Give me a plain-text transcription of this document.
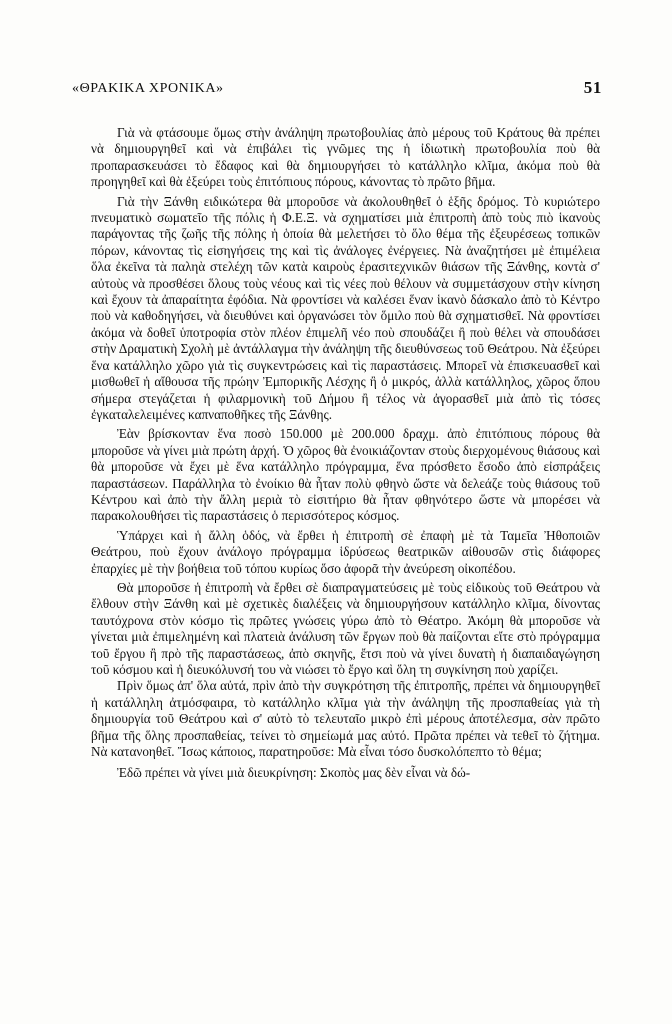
«ΘΡΑΚΙΚΑ ΧΡΟΝΙΚΑ»	51

Γιὰ νὰ φτάσουμε ὅμως στὴν ἀνάληψη πρωτοβουλίας ἀπὸ μέρους τοῦ Κράτους θὰ πρέπει νὰ δημιουργηθεῖ καὶ νὰ ἐπιβάλει τὶς γνῶμες της ἡ ἰδιωτικὴ πρωτοβουλία ποὺ θὰ προπαρασκευάσει τὸ ἔδαφος καὶ θὰ δημιουργήσει τὸ κατάλληλο κλῖμα, ἀκόμα ποὺ θὰ προηγηθεῖ καὶ θὰ ἐξεύρει τοὺς ἐπιτόπιους πόρους, κάνοντας τὸ πρῶτο βῆμα.

Γιὰ τὴν Ξάνθη ειδικώτερα θὰ μποροῦσε νὰ ἀκολουθηθεῖ ὁ ἑξῆς δρόμος. Τὸ κυριώτερο πνευματικὸ σωματεῖο τῆς πόλις ἡ Φ.Ε.Ξ. νὰ σχηματίσει μιὰ ἐπιτροπὴ ἀπὸ τοὺς πιὸ ἱκανοὺς παράγοντας τῆς ζωῆς τῆς πόλης ἡ ὁποία θὰ μελετήσει τὸ ὅλο θέμα τῆς ἐξευρέσεως τοπικῶν πόρων, κάνοντας τὶς εἰσηγήσεις της καὶ τὶς ἀνάλογες ἐνέργειες. Νὰ ἀναζητήσει μὲ ἐπιμέλεια ὅλα ἐκεῖνα τὰ παληὰ στελέχη τῶν κατὰ καιροὺς ἐρασιτεχνικῶν θιάσων τῆς Ξάνθης, κοντὰ σ' αὐτοὺς νὰ προσθέσει ὅλους τοὺς νέους καὶ τὶς νέες ποὺ θέλουν νὰ συμμετάσχουν στὴν κίνηση καὶ ἔχουν τὰ ἀπαραίτητα ἐφόδια. Νὰ φροντίσει νὰ καλέσει ἕναν ἱκανὸ δάσκαλο ἀπὸ τὸ Κέντρο ποὺ νὰ καθοδηγήσει, νὰ διευθύνει καὶ ὀργανώσει τὸν ὅμιλο ποὺ θὰ σχηματισθεῖ. Νὰ φροντίσει ἀκόμα νὰ δοθεῖ ὑποτροφία στὸν πλέον ἐπιμελῆ νέο ποὺ σπουδάζει ἢ ποὺ θέλει νὰ σπουδάσει στὴν Δραματικὴ Σχολὴ μὲ ἀντάλλαγμα τὴν ἀνάληψη τῆς διευθύνσεως τοῦ Θεάτρου. Νὰ ἐξεύρει ἕνα κατάλληλο χῶρο γιὰ τὶς συγκεντρώσεις καὶ τὶς παραστάσεις. Μπορεῖ νὰ ἐπισκευασθεῖ καὶ μισθωθεῖ ἡ αἴθουσα τῆς πρώην Ἐμπορικῆς Λέσχης ἢ ὁ μικρός, ἀλλὰ κατάλληλος, χῶρος ὅπου σήμερα στεγάζεται ἡ φιλαρμονικὴ τοῦ Δήμου ἢ τέλος νὰ ἀγορασθεῖ μιὰ ἀπὸ τὶς τόσες ἐγκαταλελειμένες καπναποθῆκες τῆς Ξάνθης.

Ἐὰν βρίσκονταν ἕνα ποσὸ 150.000 μὲ 200.000 δραχμ. ἀπὸ ἐπιτόπιους πόρους θὰ μποροῦσε νὰ γίνει μιὰ πρώτη ἀρχή. Ὁ χῶρος θὰ ἐνοικιάζονταν στοὺς διερχομένους θιάσους καὶ θὰ μποροῦσε νὰ ἔχει μὲ ἕνα κατάλληλο πρόγραμμα, ἕνα πρόσθετο ἔσοδο ἀπὸ εἰσπράξεις παραστάσεων. Παράλληλα τὸ ἐνοίκιο θὰ ἦταν πολὺ φθηνὸ ὥστε νὰ δελεάζε τοὺς θιάσους τοῦ Κέντρου καὶ ἀπὸ τὴν ἄλλη μεριὰ τὸ εἰσιτήριο θὰ ἦταν φθηνότερο ὥστε νὰ μπορέσει νὰ παρακολουθήσει τὶς παραστάσεις ὁ περισσότερος κόσμος.

Ὑπάρχει καὶ ἡ ἄλλη ὁδός, νὰ ἔρθει ἡ ἐπιτροπὴ σὲ ἐπαφὴ μὲ τὰ Ταμεῖα Ἠθοποιῶν Θεάτρου, ποὺ ἔχουν ἀνάλογο πρόγραμμα ἱδρύσεως θεατρικῶν αἰθουσῶν στὶς διάφορες ἐπαρχίες μὲ τὴν βοήθεια τοῦ τόπου κυρίως ὅσο ἀφορᾶ τὴν ἀνεύρεση οἰκοπέδου.

Θὰ μποροῦσε ἡ ἐπιτροπὴ νὰ ἔρθει σὲ διαπραγματεύσεις μὲ τοὺς εἰδικοὺς τοῦ Θεάτρου νὰ ἔλθουν στὴν Ξάνθη καὶ μὲ σχετικὲς διαλέξεις νὰ δημιουργήσουν κατάλληλο κλῖμα, δίνοντας ταυτόχρονα στὸν κόσμο τὶς πρῶτες γνώσεις γύρω ἀπὸ τὸ Θέατρο. Ἀκόμη θὰ μποροῦσε νὰ γίνεται μιὰ ἐπιμελημένη καὶ πλατειὰ ἀνάλυση τῶν ἔργων ποὺ θὰ παίζονται εἴτε στὸ πρόγραμμα τοῦ ἔργου ἢ πρὸ τῆς παραστάσεως, ἀπὸ σκηνῆς, ἔτσι ποὺ νὰ γίνει δυνατὴ ἡ διαπαιδαγώγηση τοῦ κόσμου καὶ ἡ διευκόλυνσή του νὰ νιώσει τὸ ἔργο καὶ ὅλη τη συγκίνηση ποὺ χαρίζει.

Πρὶν ὅμως ἀπ' ὅλα αὐτά, πρὶν ἀπὸ τὴν συγκρότηση τῆς ἐπιτροπῆς, πρέπει νὰ δημιουργηθεῖ ἡ κατάλληλη ἀτμόσφαιρα, τὸ κατάλληλο κλῖμα γιὰ τὴν ἀνάληψη τῆς προσπαθείας γιὰ τὴ δημιουργία τοῦ Θεάτρου καὶ σ' αὐτὸ τὸ τελευταῖο μικρὸ ἐπὶ μέρους ἀποτέλεσμα, σὰν πρῶτο βῆμα τῆς ὅλης προσπαθείας, τείνει τὸ σημείωμά μας αὐτό. Πρῶτα πρέπει νὰ τεθεῖ τὸ ζήτημα. Νὰ κατανοηθεῖ. Ἴσως κάποιος, παρατηροῦσε: Μὰ εἶναι τόσο δυσκολόπεπτο τὸ θέμα;

Ἐδῶ πρέπει νὰ γίνει μιὰ διευκρίνηση: Σκοπὸς μας δὲν εἶναι νὰ δώ-
